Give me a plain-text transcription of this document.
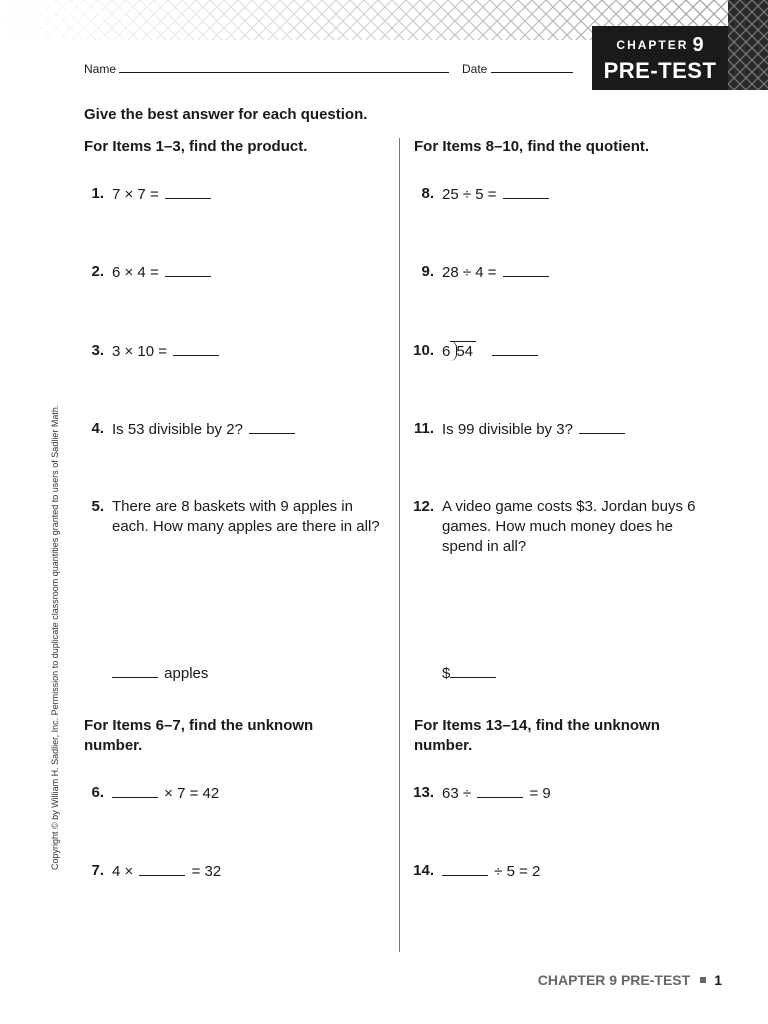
CHAPTER 9
PRE-TEST
Name	Date
Give the best answer for each question.
For Items 1–3, find the product.
1. 7 × 7 =
2. 6 × 4 =
3. 3 × 10 =
4. Is 53 divisible by 2?
5. There are 8 baskets with 9 apples in each. How many apples are there in all?
apples
For Items 6–7, find the unknown number.
6.	× 7 = 42
7. 4 ×	= 32
For Items 8–10, find the quotient.
8. 25 ÷ 5 =
9. 28 ÷ 4 =
10. 6 54
11. Is 99 divisible by 3?
12. A video game costs $3. Jordan buys 6 games. How much money does he spend in all?
$
For Items 13–14, find the unknown number.
13. 63 ÷	= 9
14.	÷ 5 = 2
Copyright © by William H. Sadlier, Inc. Permission to duplicate classroom quantities granted to users of Sadlier Math.
CHAPTER 9 PRE-TEST 1
